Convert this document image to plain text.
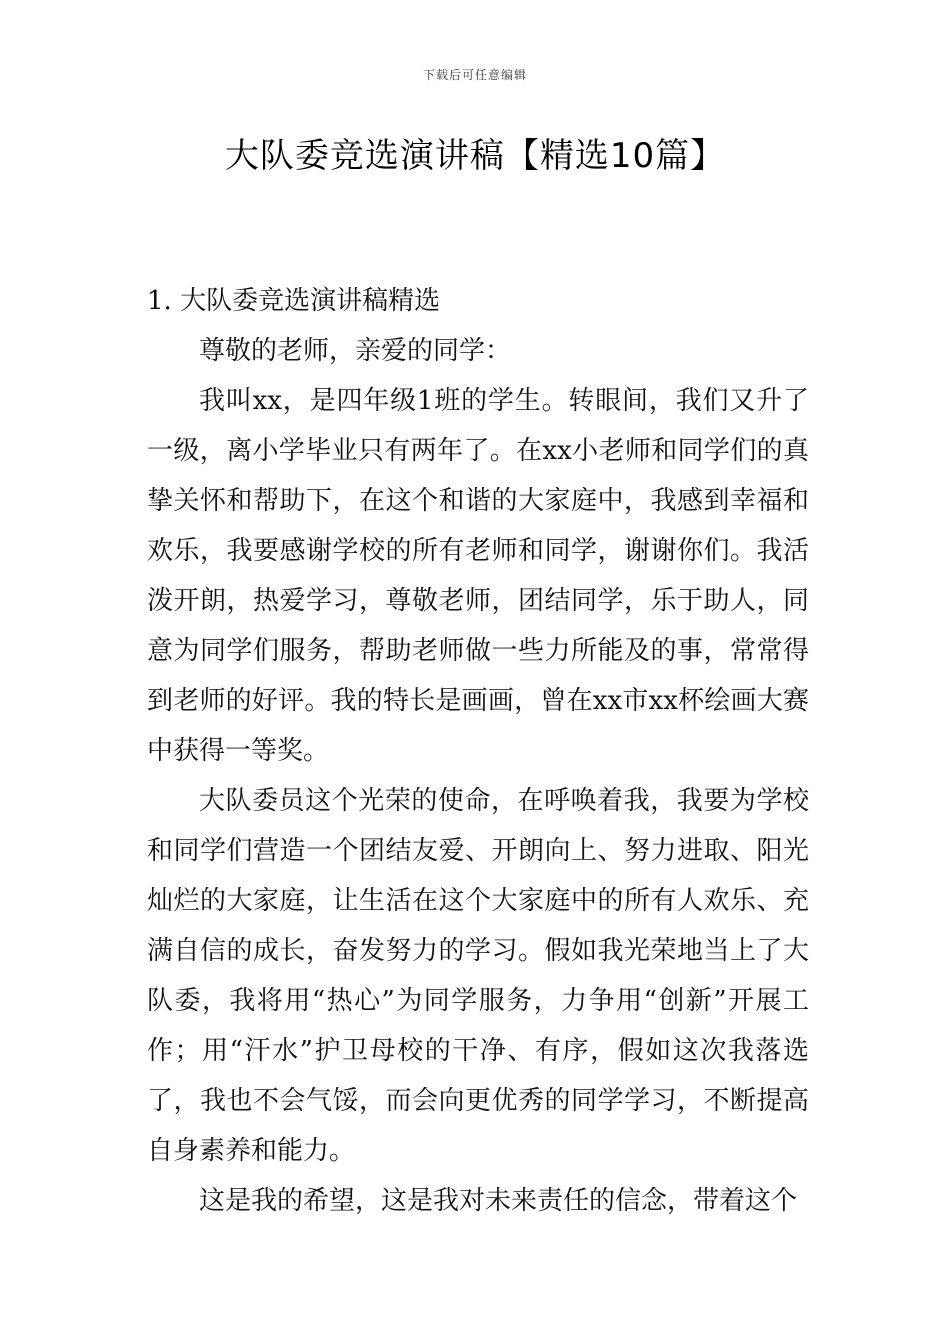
下载后可任意编辑
大队委竞选演讲稿【精选10篇】

1. 大队委竞选演讲稿精选

尊敬的老师，亲爱的同学：

我叫xx，是四年级1班的学生。转眼间，我们又升了一级，离小学毕业只有两年了。在xx小老师和同学们的真挚关怀和帮助下，在这个和谐的大家庭中，我感到幸福和欢乐，我要感谢学校的所有老师和同学，谢谢你们。我活泼开朗，热爱学习，尊敬老师，团结同学，乐于助人，同意为同学们服务，帮助老师做一些力所能及的事，常常得到老师的好评。我的特长是画画，曾在xx市xx杯绘画大赛中获得一等奖。

大队委员这个光荣的使命，在呼唤着我，我要为学校和同学们营造一个团结友爱、开朗向上、努力进取、阳光灿烂的大家庭，让生活在这个大家庭中的所有人欢乐、充满自信的成长，奋发努力的学习。假如我光荣地当上了大队委，我将用“热心”为同学服务，力争用“创新”开展工作；用“汗水”护卫母校的干净、有序，假如这次我落选了，我也不会气馁，而会向更优秀的同学学习，不断提高自身素养和能力。

这是我的希望，这是我对未来责任的信念，带着这个
